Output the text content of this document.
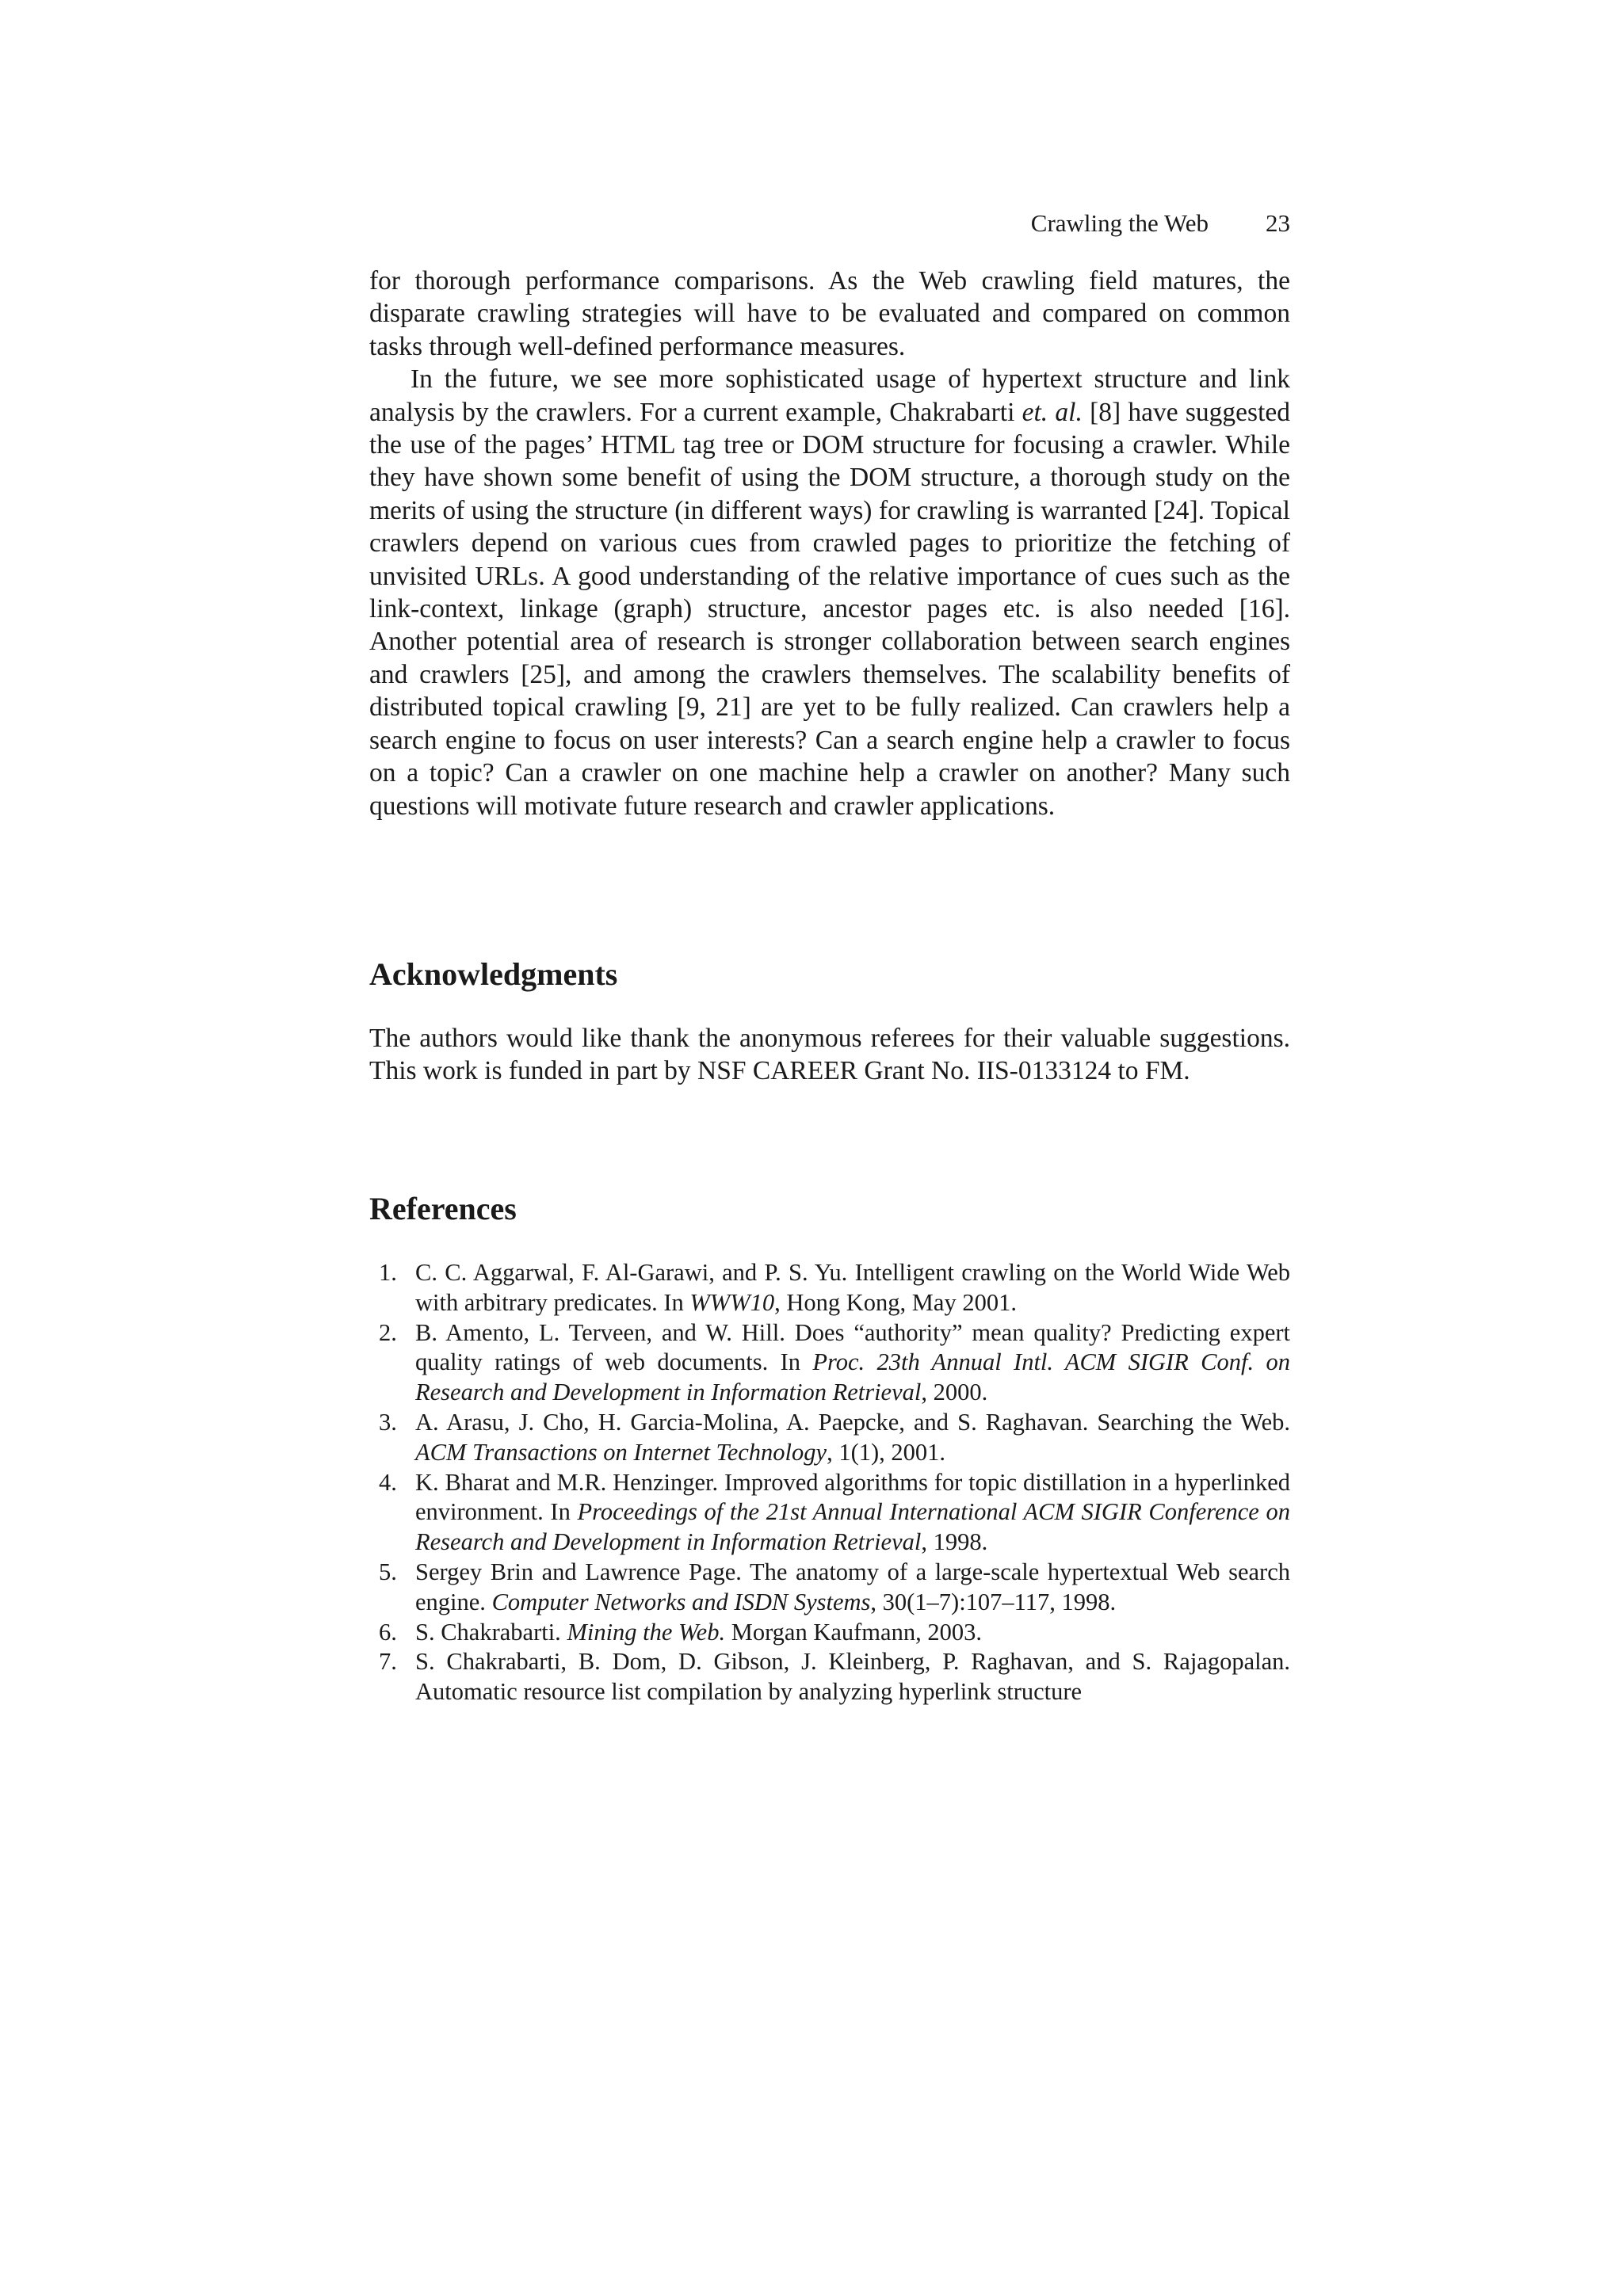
Crawling the Web 23

for thorough performance comparisons. As the Web crawling field matures, the disparate crawling strategies will have to be evaluated and compared on common tasks through well-defined performance measures.

In the future, we see more sophisticated usage of hypertext structure and link analysis by the crawlers. For a current example, Chakrabarti et. al. [8] have suggested the use of the pages’ HTML tag tree or DOM structure for focusing a crawler. While they have shown some benefit of using the DOM structure, a thorough study on the merits of using the structure (in different ways) for crawling is warranted [24]. Topical crawlers depend on various cues from crawled pages to prioritize the fetching of unvisited URLs. A good understanding of the relative importance of cues such as the link-context, linkage (graph) structure, ancestor pages etc. is also needed [16]. Another potential area of research is stronger collaboration between search engines and crawlers [25], and among the crawlers themselves. The scalability benefits of distributed topical crawling [9, 21] are yet to be fully realized. Can crawlers help a search engine to focus on user interests? Can a search engine help a crawler to focus on a topic? Can a crawler on one machine help a crawler on another? Many such questions will motivate future research and crawler applications.

Acknowledgments

The authors would like thank the anonymous referees for their valuable suggestions. This work is funded in part by NSF CAREER Grant No. IIS-0133124 to FM.

References
1. C. C. Aggarwal, F. Al-Garawi, and P. S. Yu. Intelligent crawling on the World Wide Web with arbitrary predicates. In WWW10, Hong Kong, May 2001.
2. B. Amento, L. Terveen, and W. Hill. Does “authority” mean quality? Predicting expert quality ratings of web documents. In Proc. 23th Annual Intl. ACM SIGIR Conf. on Research and Development in Information Retrieval, 2000.
3. A. Arasu, J. Cho, H. Garcia-Molina, A. Paepcke, and S. Raghavan. Searching the Web. ACM Transactions on Internet Technology, 1(1), 2001.
4. K. Bharat and M.R. Henzinger. Improved algorithms for topic distillation in a hyperlinked environment. In Proceedings of the 21st Annual International ACM SIGIR Conference on Research and Development in Information Retrieval, 1998.
5. Sergey Brin and Lawrence Page. The anatomy of a large-scale hypertextual Web search engine. Computer Networks and ISDN Systems, 30(1–7):107–117, 1998.
6. S. Chakrabarti. Mining the Web. Morgan Kaufmann, 2003.
7. S. Chakrabarti, B. Dom, D. Gibson, J. Kleinberg, P. Raghavan, and S. Rajagopalan. Automatic resource list compilation by analyzing hyperlink structure
